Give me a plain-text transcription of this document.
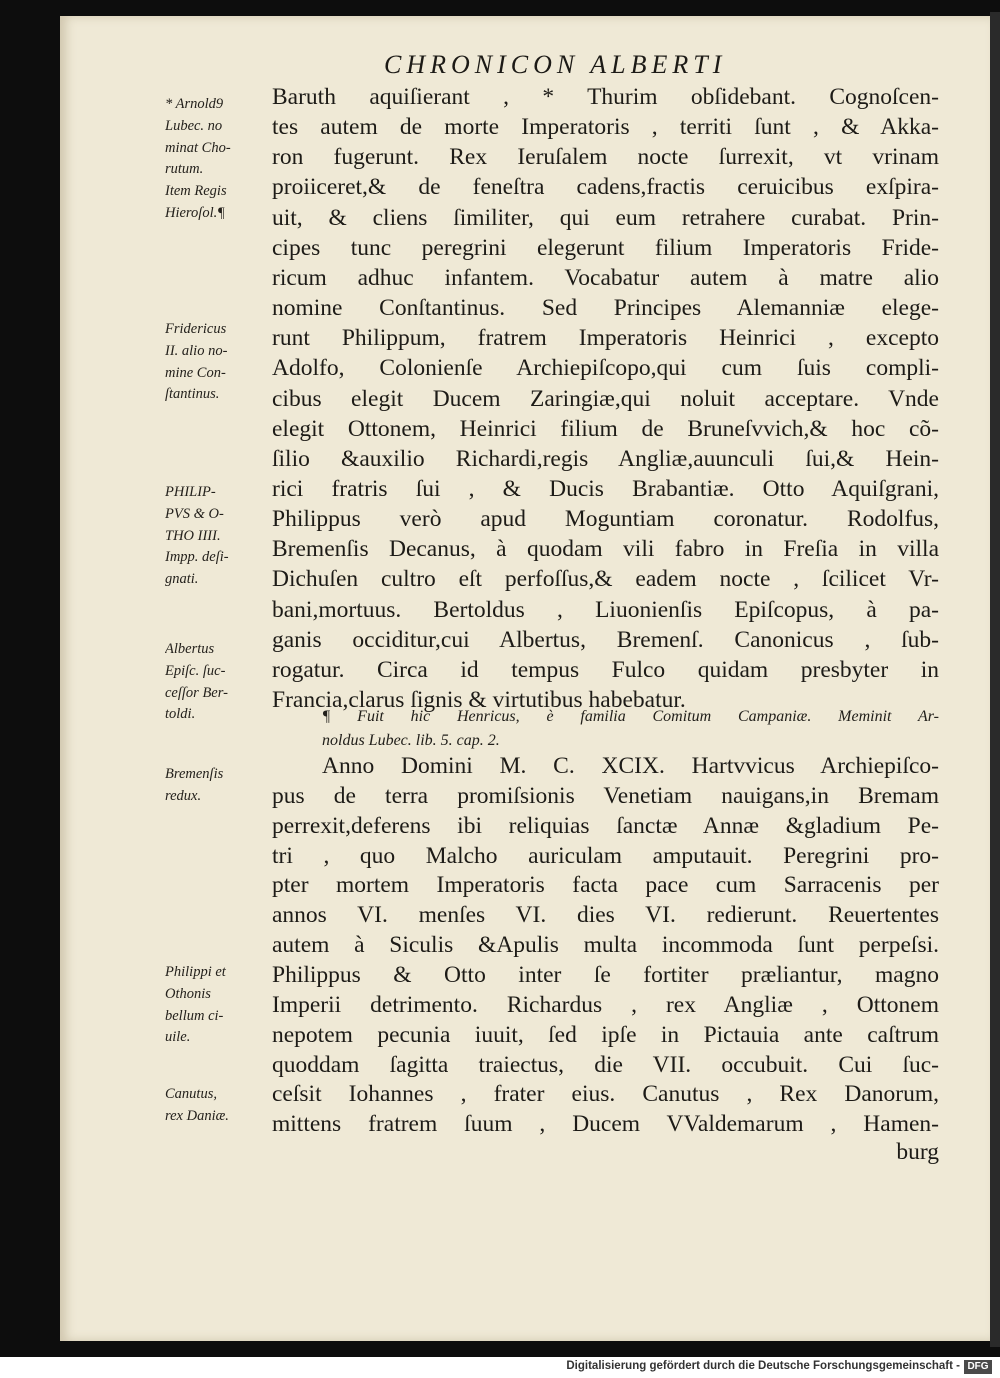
CHRONICON ALBERTI
Baruth aquiſierant , * Thurim obſidebant. Cognoſcen-
tes autem de morte Imperatoris , territi ſunt , & Akka-
ron fugerunt. Rex Ieruſalem nocte ſurrexit, vt vrinam
proiiceret,& de feneſtra cadens,fractis ceruicibus exſpira-
uit, & cliens ſimiliter, qui eum retrahere curabat. Prin-
cipes tunc peregrini elegerunt filium Imperatoris Fride-
ricum adhuc infantem. Vocabatur autem à matre alio
nomine Conſtantinus. Sed Principes Alemanniæ elege-
runt Philippum, fratrem Imperatoris Heinrici , excepto
Adolfo, Colonienſe Archiepiſcopo,qui cum ſuis compli-
cibus elegit Ducem Zaringiæ,qui noluit acceptare. Vnde
elegit Ottonem, Heinrici filium de Bruneſvvich,& hoc cõ-
ſilio &auxilio Richardi,regis Angliæ,auunculi ſui,& Hein-
rici fratris ſui , & Ducis Brabantiæ. Otto Aquiſgrani,
Philippus verò apud Moguntiam coronatur. Rodolfus,
Bremenſis Decanus, à quodam vili fabro in Freſia in villa
Dichuſen cultro eſt perfoſſus,& eadem nocte , ſcilicet Vr-
bani,mortuus. Bertoldus , Liuonienſis Epiſcopus, à pa-
ganis occiditur,cui Albertus, Bremenſ. Canonicus , ſub-
rogatur. Circa id tempus Fulco quidam presbyter in
Francia,clarus ſignis & virtutibus habebatur.
¶ Fuit hic Henricus, è familia Comitum Campaniæ. Meminit Ar-
noldus Lubec. lib. 5. cap. 2.
Anno Domini M. C. XCIX. Hartvvicus Archiepiſco-
pus de terra promiſsionis Venetiam nauigans,in Bremam
perrexit,deferens ibi reliquias ſanctæ Annæ &gladium Pe-
tri , quo Malcho auriculam amputauit. Peregrini pro-
pter mortem Imperatoris facta pace cum Sarracenis per
annos VI. menſes VI. dies VI. redierunt. Reuertentes
autem à Siculis &Apulis multa incommoda ſunt perpeſsi.
Philippus & Otto inter ſe fortiter præliantur, magno
Imperii detrimento. Richardus , rex Angliæ , Ottonem
nepotem pecunia iuuit, ſed ipſe in Pictauia ante caſtrum
quoddam ſagitta traiectus, die VII. occubuit. Cui ſuc-
ceſsit Iohannes , frater eius. Canutus , Rex Danorum,
mittens fratrem ſuum , Ducem VValdemarum , Hamen-
burg
* Arnold9
Lubec. no
minat Cho-
rutum.
Item Regis
Hieroſol.¶
Fridericus
II. alio no-
mine Con-
ſtantinus.
PHILIP-
PVS & O-
THO IIII.
Impp. deſi-
gnati.
Albertus
Epiſc. ſuc-
ceſſor Ber-
toldi.
Bremenſis
redux.
Philippi et
Othonis
bellum ci-
uile.
Canutus,
rex Daniæ.
Digitalisierung gefördert durch die Deutsche Forschungsgemeinschaft - DFG
